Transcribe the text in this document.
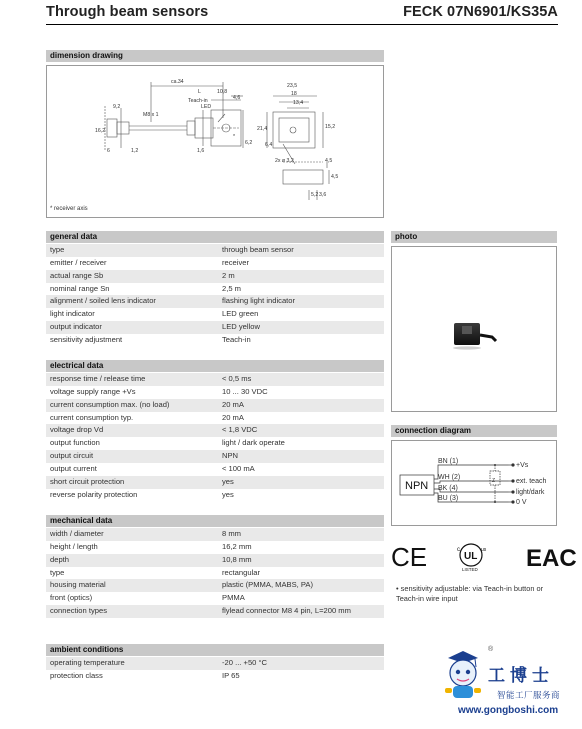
Through beam sensors	FECK 07N6901/KS35A
dimension drawing
ca.34
L	10,8
4,6
Teach-in
LED
9,2
16,2
M8 x 1
1,2
6	1,6
23,5
18
13,4
21,4	15,2
6,4
2x ø 3,2	4,5
4,5
6,2
5,2 3,6
*
* receiver axis
general data
type	through beam sensor
emitter / receiver	receiver
actual range Sb	2 m
nominal range Sn	2,5 m
alignment / soiled lens indicator	flashing light indicator
light indicator	LED green
output indicator	LED yellow
sensitivity adjustment	Teach-in
electrical data
response time / release time	< 0,5 ms
voltage supply range +Vs	10 ... 30 VDC
current consumption max. (no load)	20 mA
current consumption typ.	20 mA
voltage drop Vd	< 1,8 VDC
output function	light / dark operate
output circuit	NPN
output current	< 100 mA
short circuit protection	yes
reverse polarity protection	yes
mechanical data
width / diameter	8 mm
height / length	16,2 mm
depth	10,8 mm
type	rectangular
housing material	plastic (PMMA, MABS, PA)
front (optics)	PMMA
connection types	flylead connector M8 4 pin, L=200 mm
ambient conditions
operating temperature	-20 ... +50 °C
protection class	IP 65
photo
connection diagram
Z
NPN
BN (1)
WH (2)
BK (4)
BU (3)
+Vs
ext. teach
light/dark
0 V
CE	c
UL
us
LISTED EAC
• sensitivity adjustable: via Teach-in button or Teach-in wire input
®
工博士
智能工厂服务商
www.gongboshi.com
